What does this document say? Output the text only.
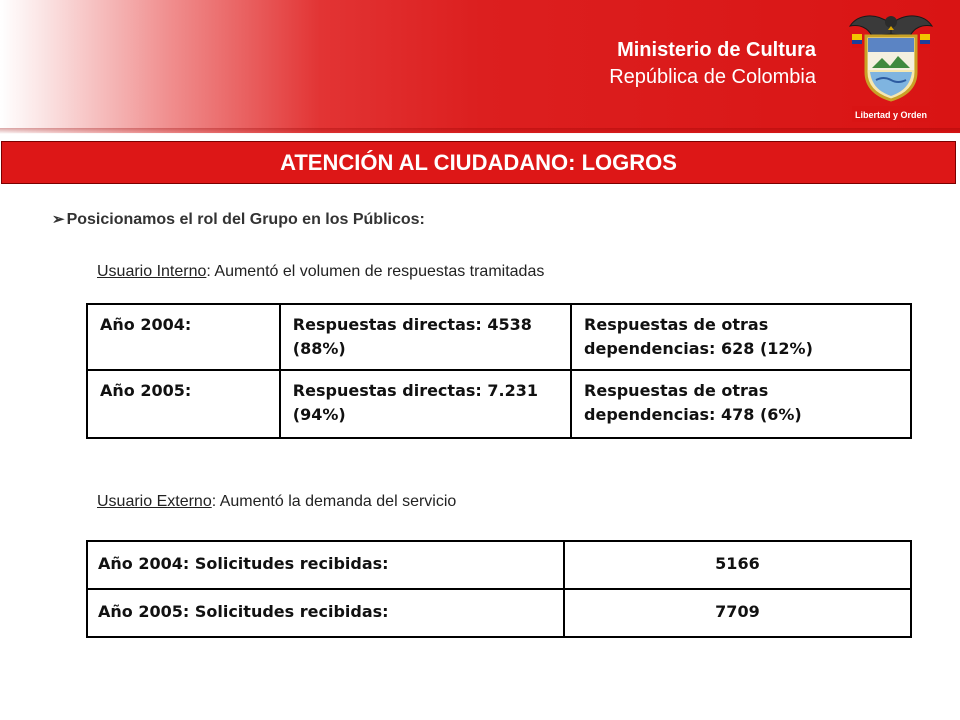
Ministerio de Cultura
República de Colombia
Libertad y Orden
ATENCIÓN AL CIUDADANO: LOGROS
➢ Posicionamos el rol del Grupo en los Públicos:
Usuario Interno: Aumentó el volumen de respuestas tramitadas
Año 2004:	Respuestas directas: 4538 (88%)	Respuestas de otras dependencias: 628 (12%)
Año 2005:	Respuestas directas: 7.231 (94%)	Respuestas de otras dependencias: 478 (6%)
Usuario Externo: Aumentó la demanda del servicio
Año 2004: Solicitudes recibidas:	5166
Año 2005: Solicitudes recibidas:	7709
